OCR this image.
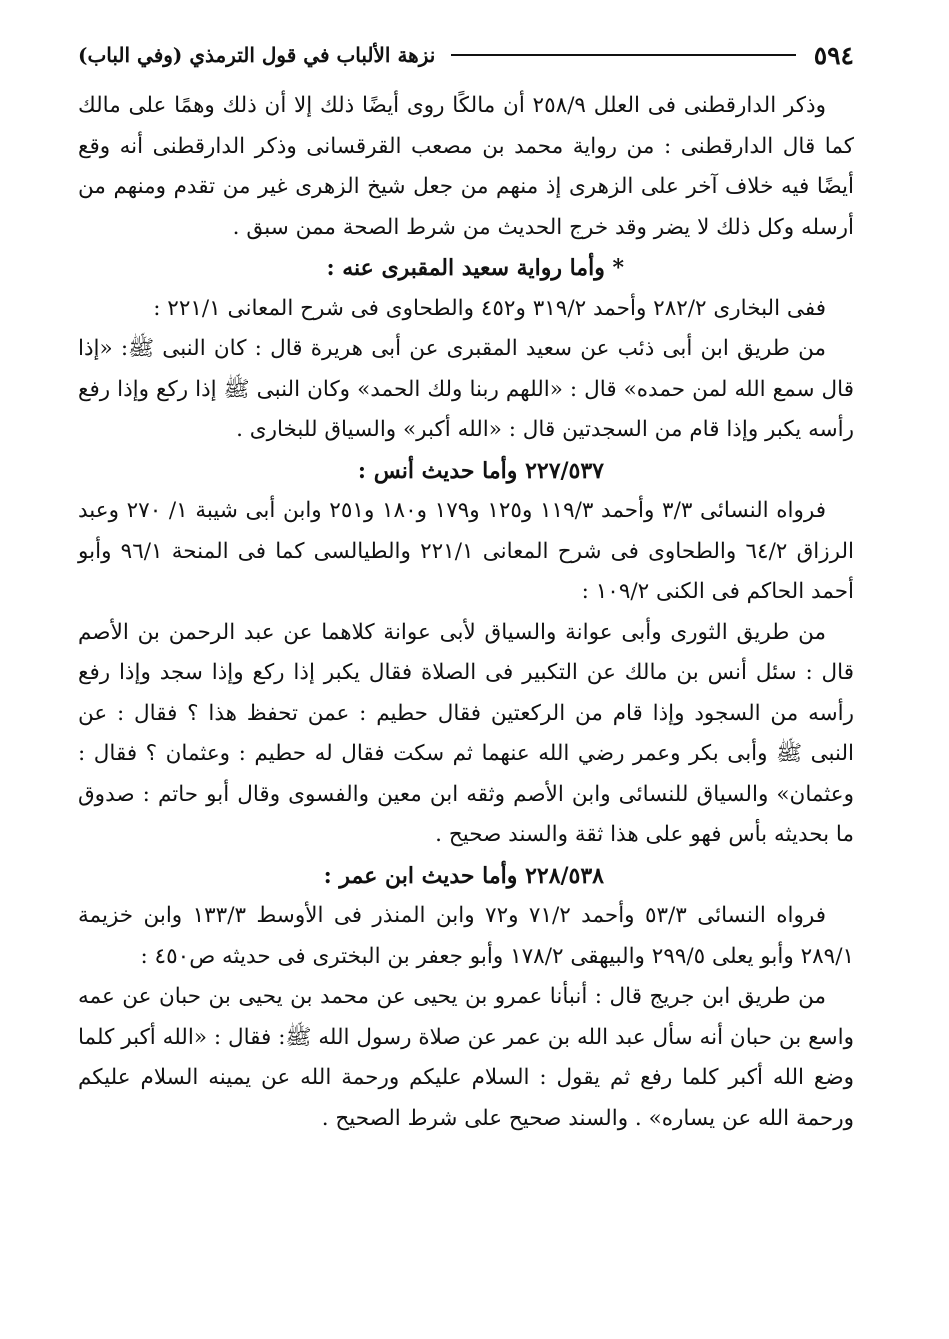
٥٩٤
نزهة الألباب في قول الترمذي (وفي الباب)

وذكر الدارقطنى فى العلل ٢٥٨/٩ أن مالكًا روى أيضًا ذلك إلا أن ذلك وهمًا على مالك كما قال الدارقطنى : من رواية محمد بن مصعب القرقسانى وذكر الدارقطنى أنه وقع أيضًا فيه خلاف آخر على الزهرى إذ منهم من جعل شيخ الزهرى غير من تقدم ومنهم من أرسله وكل ذلك لا يضر وقد خرج الحديث من شرط الصحة ممن سبق .

* وأما رواية سعيد المقبرى عنه :

ففى البخارى ٢٨٢/٢ وأحمد ٣١٩/٢ و٤٥٢ والطحاوى فى شرح المعانى ٢٢١/١ :

من طريق ابن أبى ذئب عن سعيد المقبرى عن أبى هريرة قال : كان النبى ﷺ: «إذا قال سمع الله لمن حمده» قال : «اللهم ربنا ولك الحمد» وكان النبى ﷺ إذا ركع وإذا رفع رأسه يكبر وإذا قام من السجدتين قال : «الله أكبر» والسياق للبخارى .

٢٢٧/٥٣٧ وأما حديث أنس :

فرواه النسائى ٣/٣ وأحمد ١١٩/٣ و١٢٥ و١٧٩ و١٨٠ و٢٥١ وابن أبى شيبة ١/ ٢٧٠ وعبد الرزاق ٦٤/٢ والطحاوى فى شرح المعانى ٢٢١/١ والطيالسى كما فى المنحة ٩٦/١ وأبو أحمد الحاكم فى الكنى ١٠٩/٢ :

من طريق الثورى وأبى عوانة والسياق لأبى عوانة كلاهما عن عبد الرحمن بن الأصم قال : سئل أنس بن مالك عن التكبير فى الصلاة فقال يكبر إذا ركع وإذا سجد وإذا رفع رأسه من السجود وإذا قام من الركعتين فقال حطيم : عمن تحفظ هذا ؟ فقال : عن النبى ﷺ وأبى بكر وعمر رضي الله عنهما ثم سكت فقال له حطيم : وعثمان ؟ فقال : وعثمان» والسياق للنسائى وابن الأصم وثقه ابن معين والفسوى وقال أبو حاتم : صدوق ما بحديثه بأس فهو على هذا ثقة والسند صحيح .

٢٢٨/٥٣٨ وأما حديث ابن عمر :

فرواه النسائى ٥٣/٣ وأحمد ٧١/٢ و٧٢ وابن المنذر فى الأوسط ١٣٣/٣ وابن خزيمة ٢٨٩/١ وأبو يعلى ٢٩٩/٥ والبيهقى ١٧٨/٢ وأبو جعفر بن البخترى فى حديثه ص٤٥٠ :

من طريق ابن جريج قال : أنبأنا عمرو بن يحيى عن محمد بن يحيى بن حبان عن عمه واسع بن حبان أنه سأل عبد الله بن عمر عن صلاة رسول الله ﷺ: فقال : «الله أكبر كلما وضع الله أكبر كلما رفع ثم يقول : السلام عليكم ورحمة الله عن يمينه السلام عليكم ورحمة الله عن يساره» . والسند صحيح على شرط الصحيح .
